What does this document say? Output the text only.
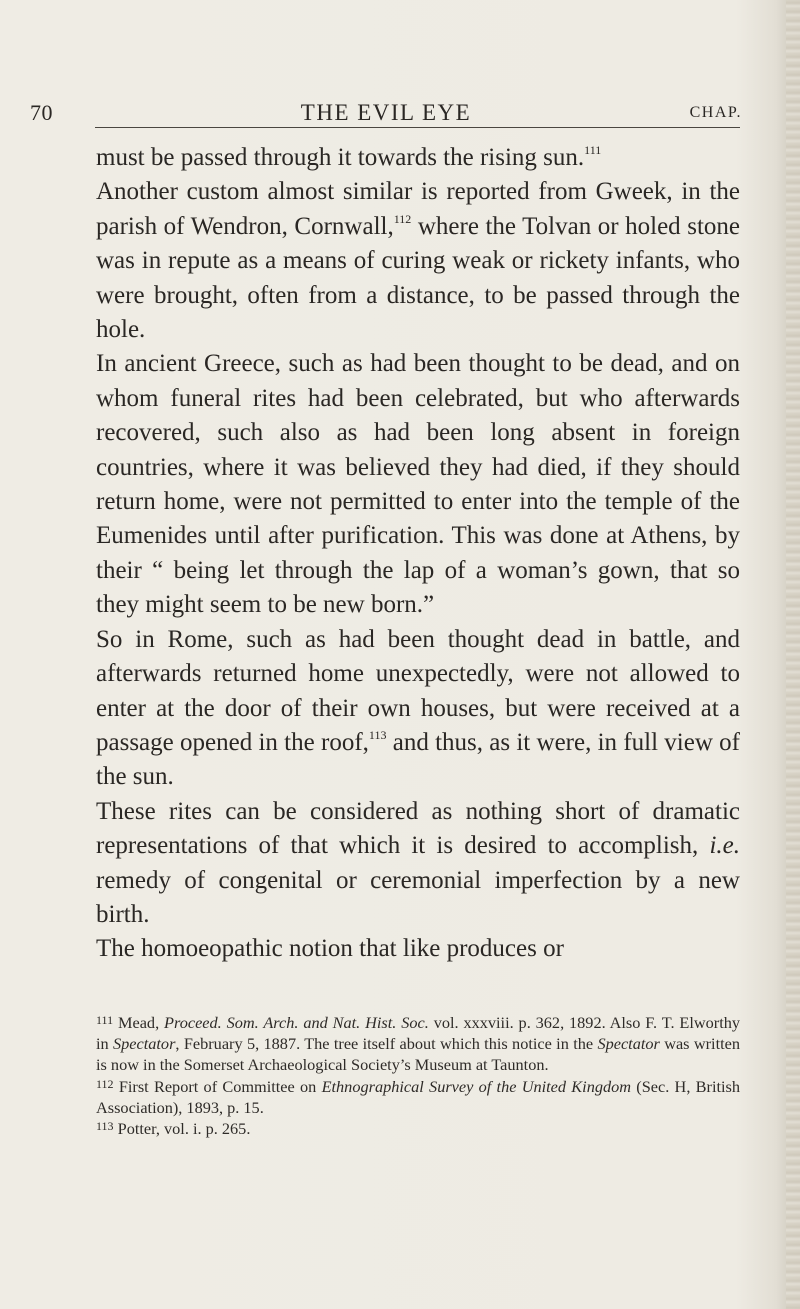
70	THE EVIL EYE	CHAP.

must be passed through it towards the rising sun.$^{111}$

Another custom almost similar is reported from Gweek, in the parish of Wendron, Cornwall,$^{112}$ where the Tolvan or holed stone was in repute as a means of curing weak or rickety infants, who were brought, often from a distance, to be passed through the hole.

In ancient Greece, such as had been thought to be dead, and on whom funeral rites had been celebrated, but who afterwards recovered, such also as had been long absent in foreign countries, where it was believed they had died, if they should return home, were not permitted to enter into the temple of the Eumenides until after purification. This was done at Athens, by their “ being let through the lap of a woman’s gown, that so they might seem to be new born.”

So in Rome, such as had been thought dead in battle, and afterwards returned home unexpectedly, were not allowed to enter at the door of their own houses, but were received at a passage opened in the roof,$^{113}$ and thus, as it were, in full view of the sun.

These rites can be considered as nothing short of dramatic representations of that which it is desired to accomplish, i.e. remedy of congenital or ceremonial imperfection by a new birth.

The homoeopathic notion that like produces or

$^{111}$ Mead, Proceed. Som. Arch. and Nat. Hist. Soc. vol. xxxviii. p. 362, 1892. Also F. T. Elworthy in Spectator, February 5, 1887. The tree itself about which this notice in the Spectator was written is now in the Somerset Archaeological Society’s Museum at Taunton.

$^{112}$ First Report of Committee on Ethnographical Survey of the United Kingdom (Sec. H, British Association), 1893, p. 15.

$^{113}$ Potter, vol. i. p. 265.
